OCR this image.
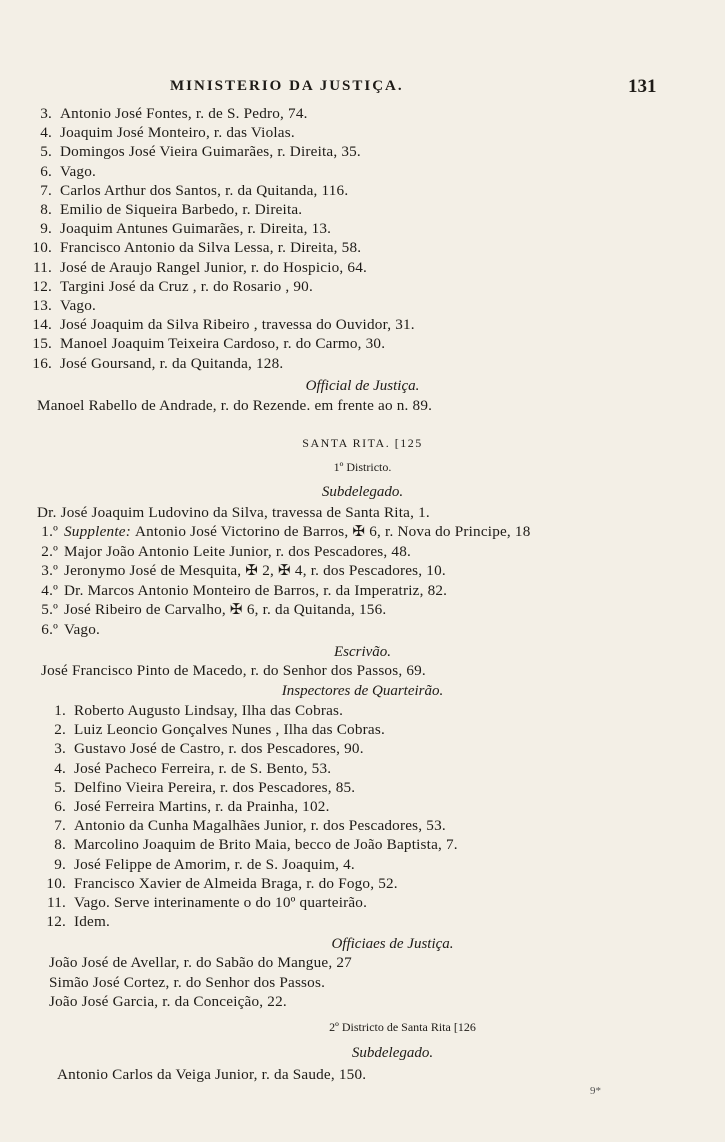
MINISTERIO DA JUSTIÇA.	131
3. Antonio José Fontes, r. de S. Pedro, 74.
4. Joaquim José Monteiro, r. das Violas.
5. Domingos José Vieira Guimarães, r. Direita, 35.
6. Vago.
7. Carlos Arthur dos Santos, r. da Quitanda, 116.
8. Emilio de Siqueira Barbedo, r. Direita.
9. Joaquim Antunes Guimarães, r. Direita, 13.
10. Francisco Antonio da Silva Lessa, r. Direita, 58.
11. José de Araujo Rangel Junior, r. do Hospicio, 64.
12. Targini José da Cruz , r. do Rosario , 90.
13. Vago.
14. José Joaquim da Silva Ribeiro , travessa do Ouvidor, 31.
15. Manoel Joaquim Teixeira Cardoso, r. do Carmo, 30.
16. José Goursand, r. da Quitanda, 128.
Official de Justiça.
Manoel Rabello de Andrade, r. do Rezende. em frente ao n. 89.
SANTA RITA. [125
1º Districto.
Subdelegado.
Dr. José Joaquim Ludovino da Silva, travessa de Santa Rita, 1.
1.º Supplente: Antonio José Victorino de Barros, ✠ 6, r. Nova do Principe, 18
2.º Major João Antonio Leite Junior, r. dos Pescadores, 48.
3.º Jeronymo José de Mesquita, ✠ 2, ✠ 4, r. dos Pescadores, 10.
4.º Dr. Marcos Antonio Monteiro de Barros, r. da Imperatriz, 82.
5.º José Ribeiro de Carvalho, ✠ 6, r. da Quitanda, 156.
6.º Vago.
Escrivão.
José Francisco Pinto de Macedo, r. do Senhor dos Passos, 69.
Inspectores de Quarteirão.
1. Roberto Augusto Lindsay, Ilha das Cobras.
2. Luiz Leoncio Gonçalves Nunes , Ilha das Cobras.
3. Gustavo José de Castro, r. dos Pescadores, 90.
4. José Pacheco Ferreira, r. de S. Bento, 53.
5. Delfino Vieira Pereira, r. dos Pescadores, 85.
6. José Ferreira Martins, r. da Prainha, 102.
7. Antonio da Cunha Magalhães Junior, r. dos Pescadores, 53.
8. Marcolino Joaquim de Brito Maia, becco de João Baptista, 7.
9. José Felippe de Amorim, r. de S. Joaquim, 4.
10. Francisco Xavier de Almeida Braga, r. do Fogo, 52.
11. Vago. Serve interinamente o do 10º quarteirão.
12. Idem.
Officiaes de Justiça.
João José de Avellar, r. do Sabão do Mangue, 27
Simão José Cortez, r. do Senhor dos Passos.
João José Garcia, r. da Conceição, 22.
2º Districto de Santa Rita [126
Subdelegado.
Antonio Carlos da Veiga Junior, r. da Saude, 150.
9*
